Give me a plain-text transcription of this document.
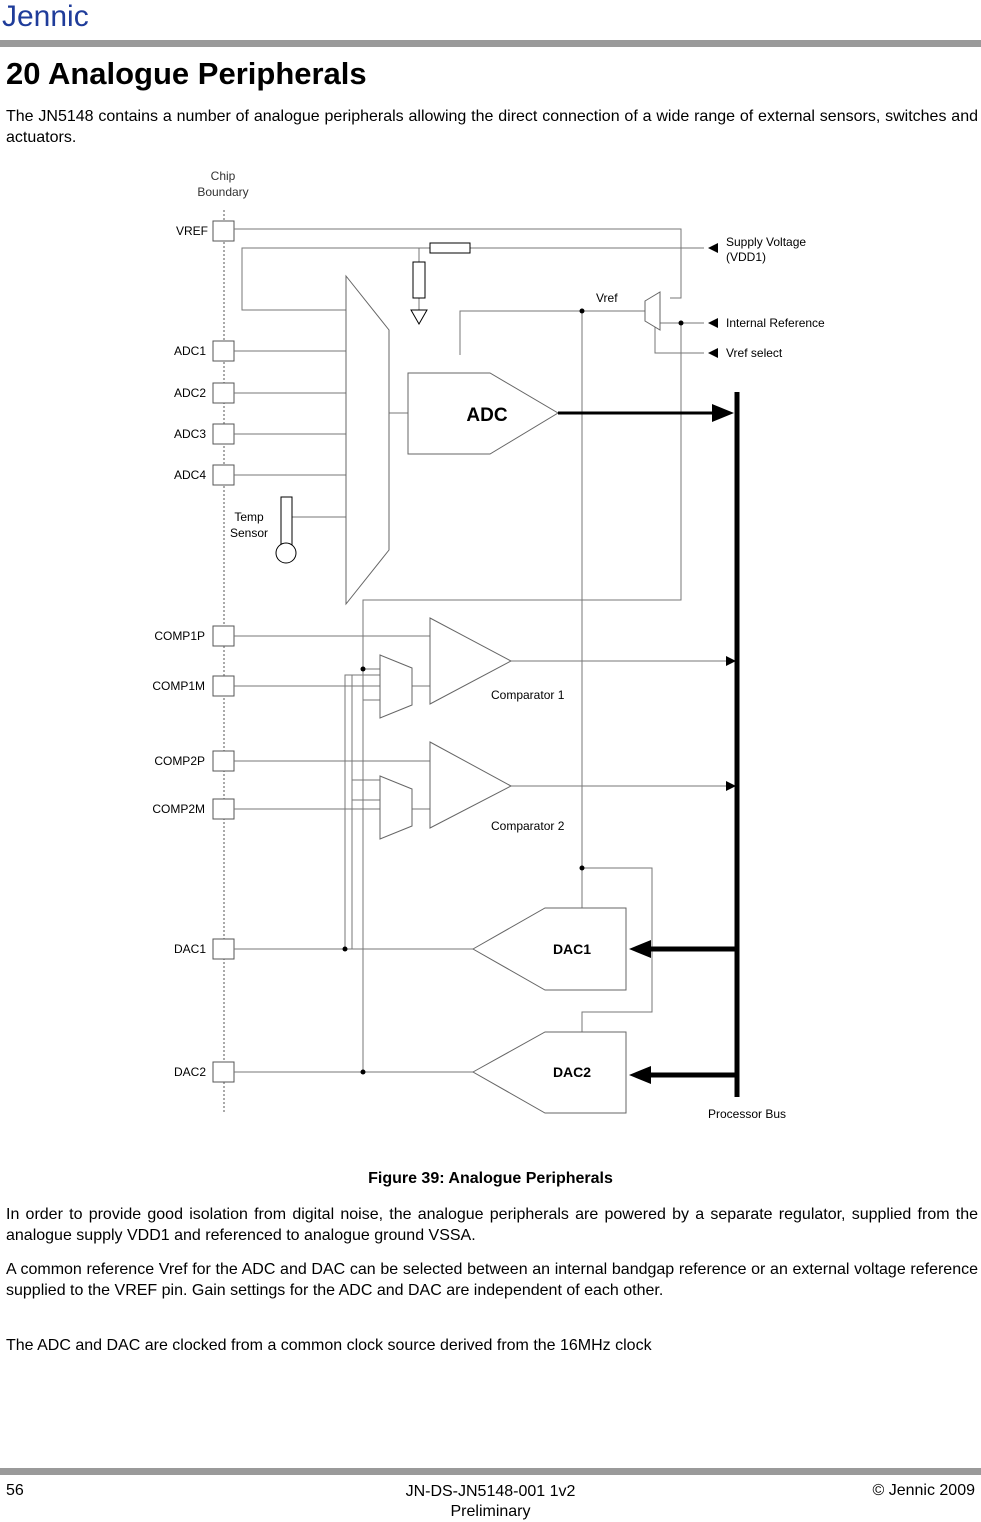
Jennic
20 Analogue Peripherals

The JN5148 contains a number of analogue peripherals allowing the direct connection of a wide range of external sensors, switches and actuators.

Chip
Boundary
VREF
ADC1
ADC2
ADC3
ADC4
COMP1P
COMP1M
COMP2P
COMP2M
DAC1
DAC2
Temp
Sensor
ADC
Vref
Comparator 1
Comparator 2
DAC1
DAC2
Processor Bus
Supply Voltage
(VDD1)
Internal Reference
Vref select
Figure 39: Analogue Peripherals

In order to provide good isolation from digital noise, the analogue peripherals are powered by a separate regulator, supplied from the analogue supply VDD1 and referenced to analogue ground VSSA.

A common reference Vref for the ADC and DAC can be selected between an internal bandgap reference or an external voltage reference supplied to the VREF pin. Gain settings for the ADC and DAC are independent of each other.

The ADC and DAC are clocked from a common clock source derived from the 16MHz clock

56	JN-DS-JN5148-001 1v2
Preliminary
© Jennic 2009
